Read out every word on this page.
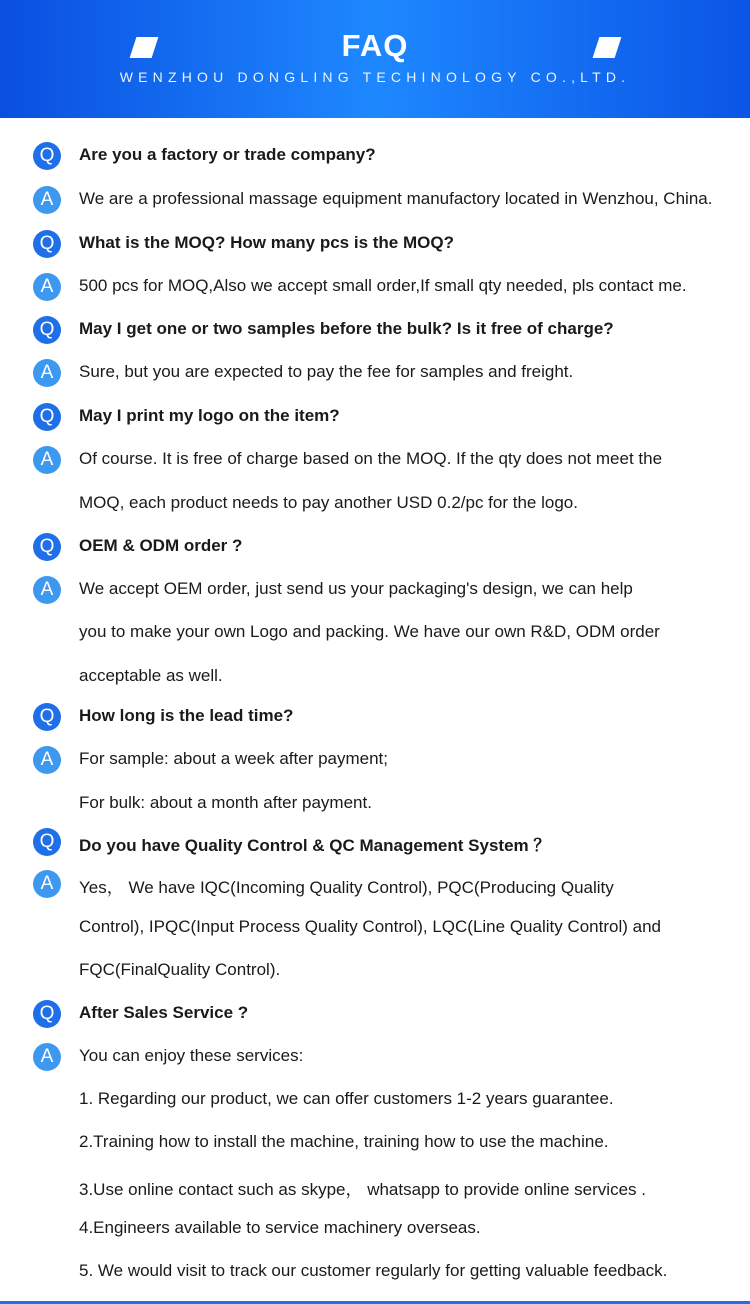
FAQ
WENZHOU DONGLING TECHINOLOGY CO.,LTD.
Q	Are you a factory or trade company?
A	We are a professional massage equipment manufactory located in Wenzhou, China.
Q	What is the MOQ? How many pcs is the MOQ?
A	500 pcs for MOQ,Also we accept small order,If small qty needed, pls contact me.
Q	May I get one or two samples before the bulk? Is it free of charge?
A	Sure, but you are expected to pay the fee for samples and freight.
Q	May I print my logo on the item?
A	Of course. It is free of charge based on the MOQ. If the qty does not meet the
MOQ, each product needs to pay another USD 0.2/pc for the logo.
Q	OEM & ODM order ?
A	We accept OEM order, just send us your packaging's design, we can help
you to make your own Logo and packing. We have our own R&D, ODM order
acceptable as well.
Q	How long is the lead time?
A	For sample: about a week after payment;
For bulk: about a month after payment.
Q	Do you have Quality Control & QC Management System ？
A	Yes， We have IQC(Incoming Quality Control), PQC(Producing Quality
Control), IPQC(Input Process Quality Control), LQC(Line Quality Control) and
FQC(FinalQuality Control).
Q	After Sales Service ?
A	You can enjoy these services:
1. Regarding our product, we can offer customers 1-2 years guarantee.
2.Training how to install the machine, training how to use the machine.
3.Use online contact such as skype， whatsapp to provide online services .
4.Engineers available to service machinery overseas.
5. We would visit to track our customer regularly for getting valuable feedback.
